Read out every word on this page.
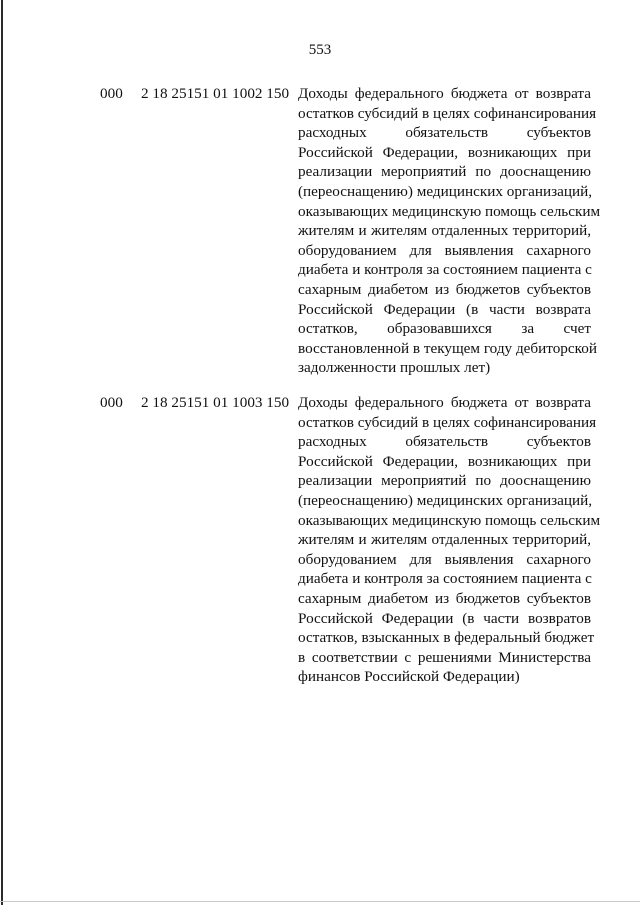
553
000 2 18 25151 01 1002 150 Доходы федерального бюджета от возврата
остатков субсидий в целях софинансирования
расходных обязательств субъектов
Российской Федерации, возникающих при
реализации мероприятий по дооснащению
(переоснащению) медицинских организаций,
оказывающих медицинскую помощь сельским
жителям и жителям отдаленных территорий,
оборудованием для выявления сахарного
диабета и контроля за состоянием пациента с
сахарным диабетом из бюджетов субъектов
Российской Федерации (в части возврата
остатков, образовавшихся за счет
восстановленной в текущем году дебиторской
задолженности прошлых лет)
000 2 18 25151 01 1003 150 Доходы федерального бюджета от возврата
остатков субсидий в целях софинансирования
расходных обязательств субъектов
Российской Федерации, возникающих при
реализации мероприятий по дооснащению
(переоснащению) медицинских организаций,
оказывающих медицинскую помощь сельским
жителям и жителям отдаленных территорий,
оборудованием для выявления сахарного
диабета и контроля за состоянием пациента с
сахарным диабетом из бюджетов субъектов
Российской Федерации (в части возвратов
остатков, взысканных в федеральный бюджет
в соответствии с решениями Министерства
финансов Российской Федерации)
